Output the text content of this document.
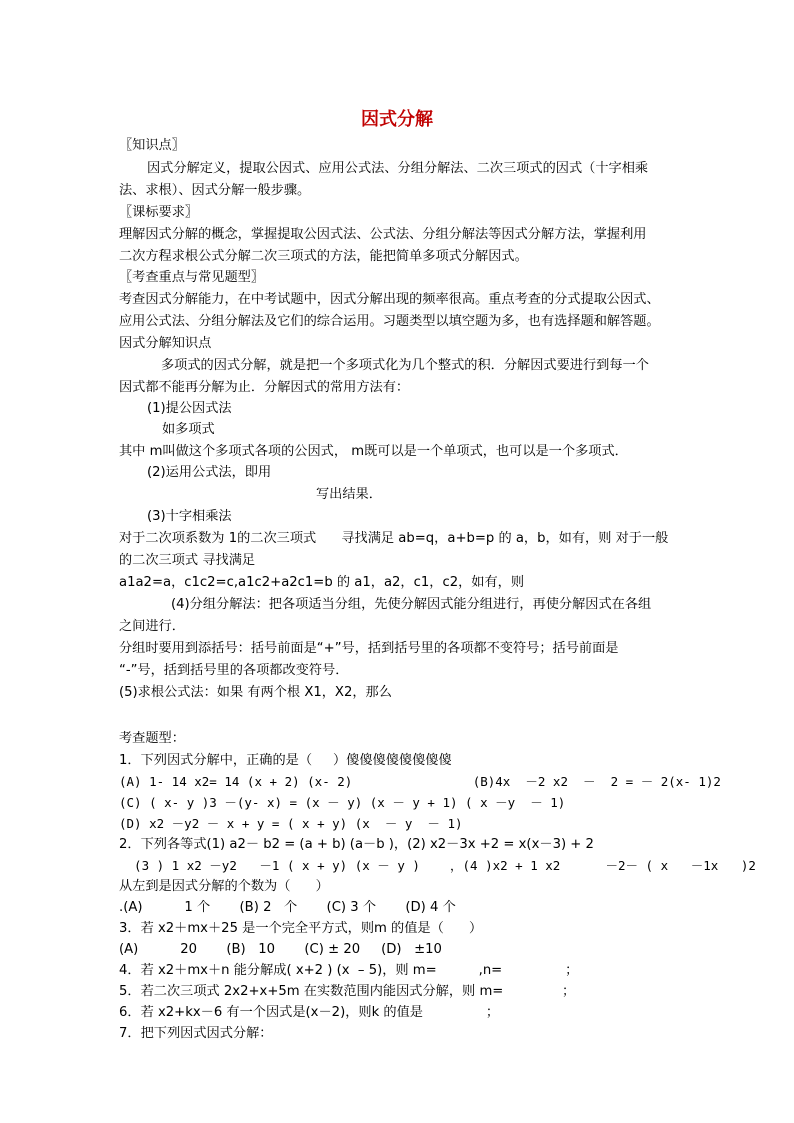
因式分解
〖知识点〗
因式分解定义，提取公因式、应用公式法、分组分解法、二次三项式的因式（十字相乘
法、求根）、因式分解一般步骤。
〖课标要求〗
理解因式分解的概念，掌握提取公因式法、公式法、分组分解法等因式分解方法，掌握利用
二次方程求根公式分解二次三项式的方法，能把简单多项式分解因式。
〖考查重点与常见题型〗
考查因式分解能力，在中考试题中，因式分解出现的频率很高。重点考查的分式提取公因式、
应用公式法、分组分解法及它们的综合运用。习题类型以填空题为多，也有选择题和解答题。
因式分解知识点
多项式的因式分解，就是把一个多项式化为几个整式的积．分解因式要进行到每一个
因式都不能再分解为止．分解因式的常用方法有：
(1)提公因式法
如多项式
其中 m叫做这个多项式各项的公因式， m既可以是一个单项式，也可以是一个多项式．
(2)运用公式法，即用
写出结果．
(3)十字相乘法
对于二次项系数为 1的二次三项式      寻找满足 ab=q，a+b=p 的 a，b，如有，则 对于一般
的二次三项式 寻找满足
a1a2=a，c1c2=c,a1c2+a2c1=b 的 a1，a2，c1，c2，如有，则
(4)分组分解法：把各项适当分组，先使分解因式能分组进行，再使分解因式在各组
之间进行．
分组时要用到添括号：括号前面是“+”号，括到括号里的各项都不变符号；括号前面是
“-”号，括到括号里的各项都改变符号．
(5)求根公式法：如果 有两个根 X1，X2，那么
考查题型：
1．下列因式分解中，正确的是（     ）傻傻傻傻傻傻傻傻
(A) 1- 14 x2= 14 (x + 2) (x- 2)                (B)4x  －2 x2  －  2 = － 2(x- 1)2
(C) ( x- y )3 －(y- x) = (x － y) (x － y + 1) ( x －y  － 1)
(D) x2 －y2 － x + y = ( x + y) (x  － y  － 1)
2．下列各等式(1) a2－ b2 = (a + b) (a－b )，(2) x2－3x +2 = x(x－3) + 2
(3 ) 1 x2 －y2   －1 ( x + y) (x － y )    ，(4 )x2 + 1 x2      －2－ ( x   －1x   )2
从左到是因式分解的个数为（      ）
.(A)          1 个       (B) 2   个       (C) 3 个       (D) 4 个
3．若 x2＋mx＋25 是一个完全平方式，则m 的值是（      ）
(A)          20       (B)   10       (C) ± 20     (D)   ±10
4．若 x2＋mx＋n 能分解成( x+2 ) (x  – 5)，则 m=          ,n=               ；
5．若二次三项式 2x2+x+5m 在实数范围内能因式分解，则 m=              ；
6．若 x2+kx－6 有一个因式是(x－2)，则k 的值是               ；
7．把下列因式因式分解：
